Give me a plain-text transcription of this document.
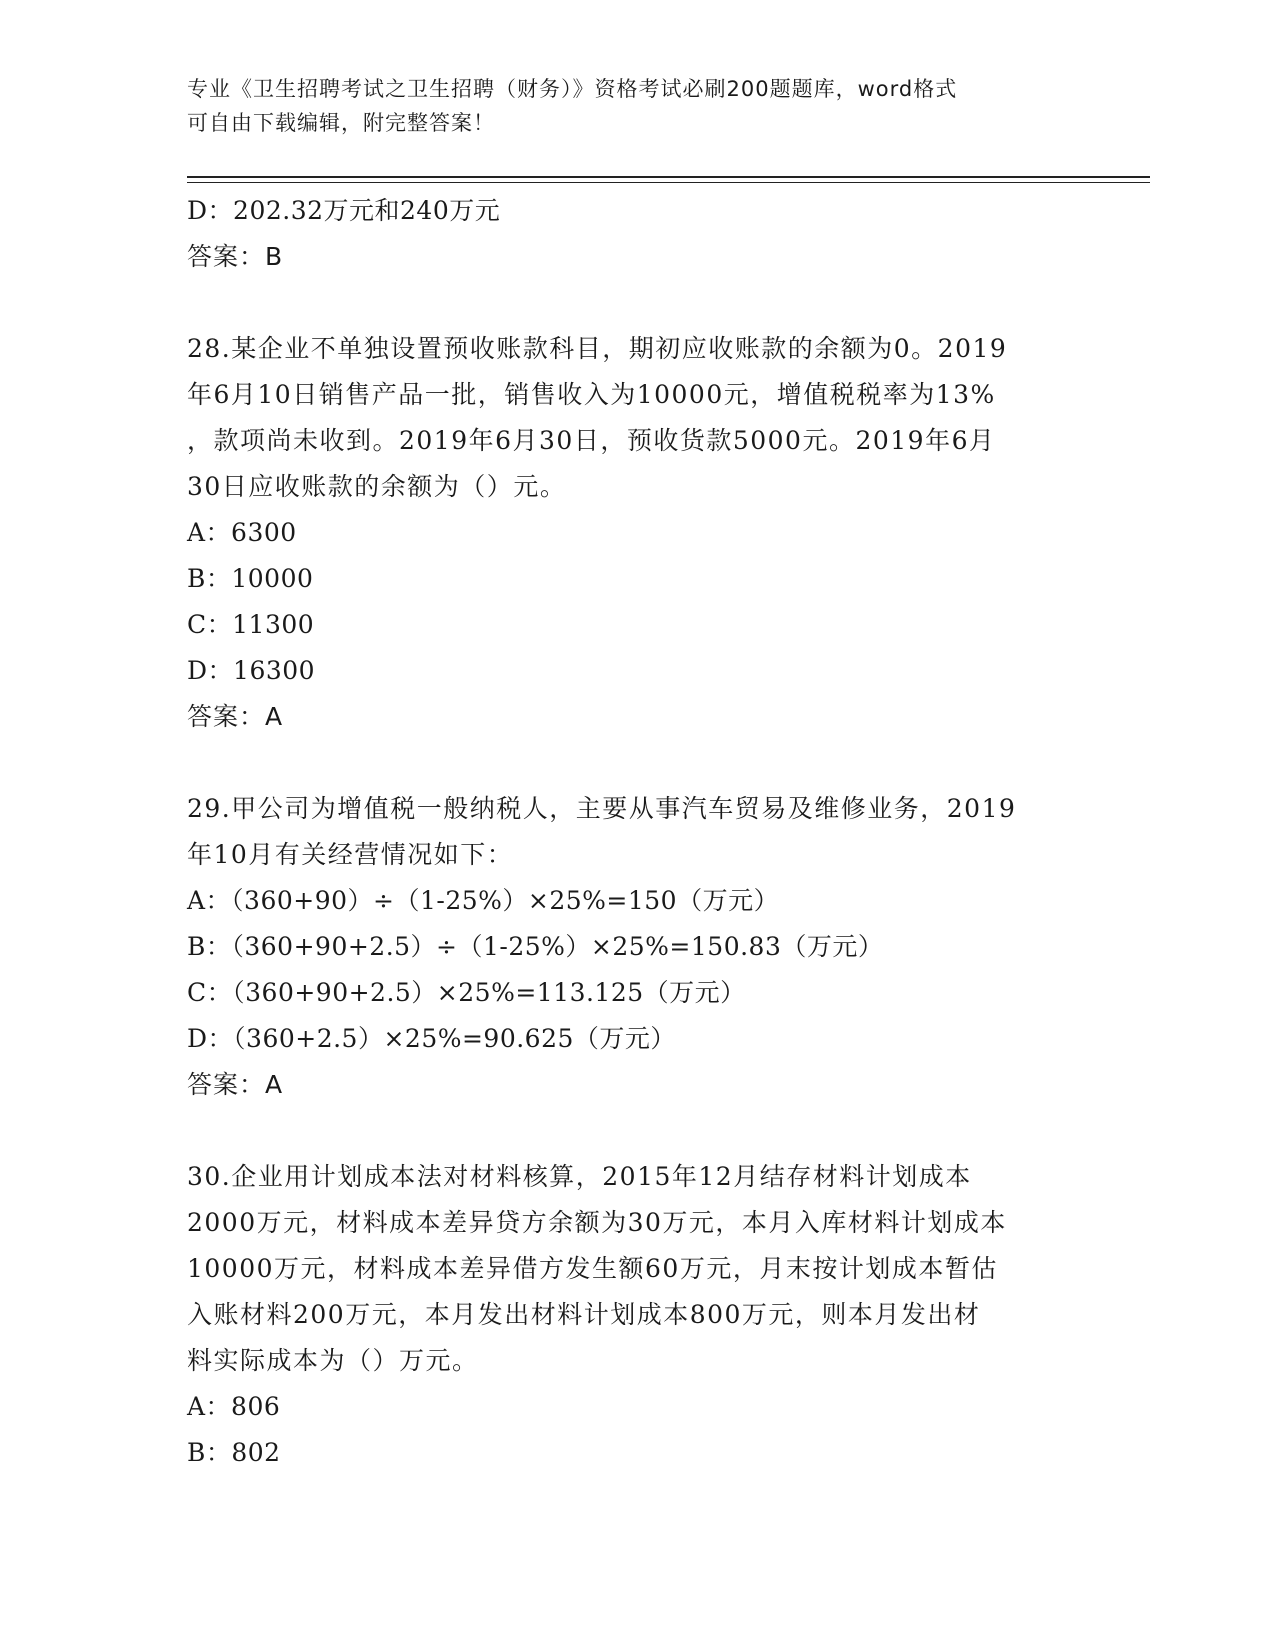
专业《卫生招聘考试之卫生招聘（财务）》资格考试必刷200题题库，word格式
可自由下载编辑，附完整答案！
D：202.32万元和240万元
答案：B
28.某企业不单独设置预收账款科目，期初应收账款的余额为0。2019
年6月10日销售产品一批，销售收入为10000元，增值税税率为13%
，款项尚未收到。2019年6月30日，预收货款5000元。2019年6月
30日应收账款的余额为（）元。
A：6300
B：10000
C：11300
D：16300
答案：A
29.甲公司为增值税一般纳税人，主要从事汽车贸易及维修业务，2019
年10月有关经营情况如下：
A：（360+90）÷（1-25%）×25%=150（万元）
B：（360+90+2.5）÷（1-25%）×25%=150.83（万元）
C：（360+90+2.5）×25%=113.125（万元）
D：（360+2.5）×25%=90.625（万元）
答案：A
30.企业用计划成本法对材料核算，2015年12月结存材料计划成本
2000万元，材料成本差异贷方余额为30万元，本月入库材料计划成本
10000万元，材料成本差异借方发生额60万元，月末按计划成本暂估
入账材料200万元，本月发出材料计划成本800万元，则本月发出材
料实际成本为（）万元。
A：806
B：802
